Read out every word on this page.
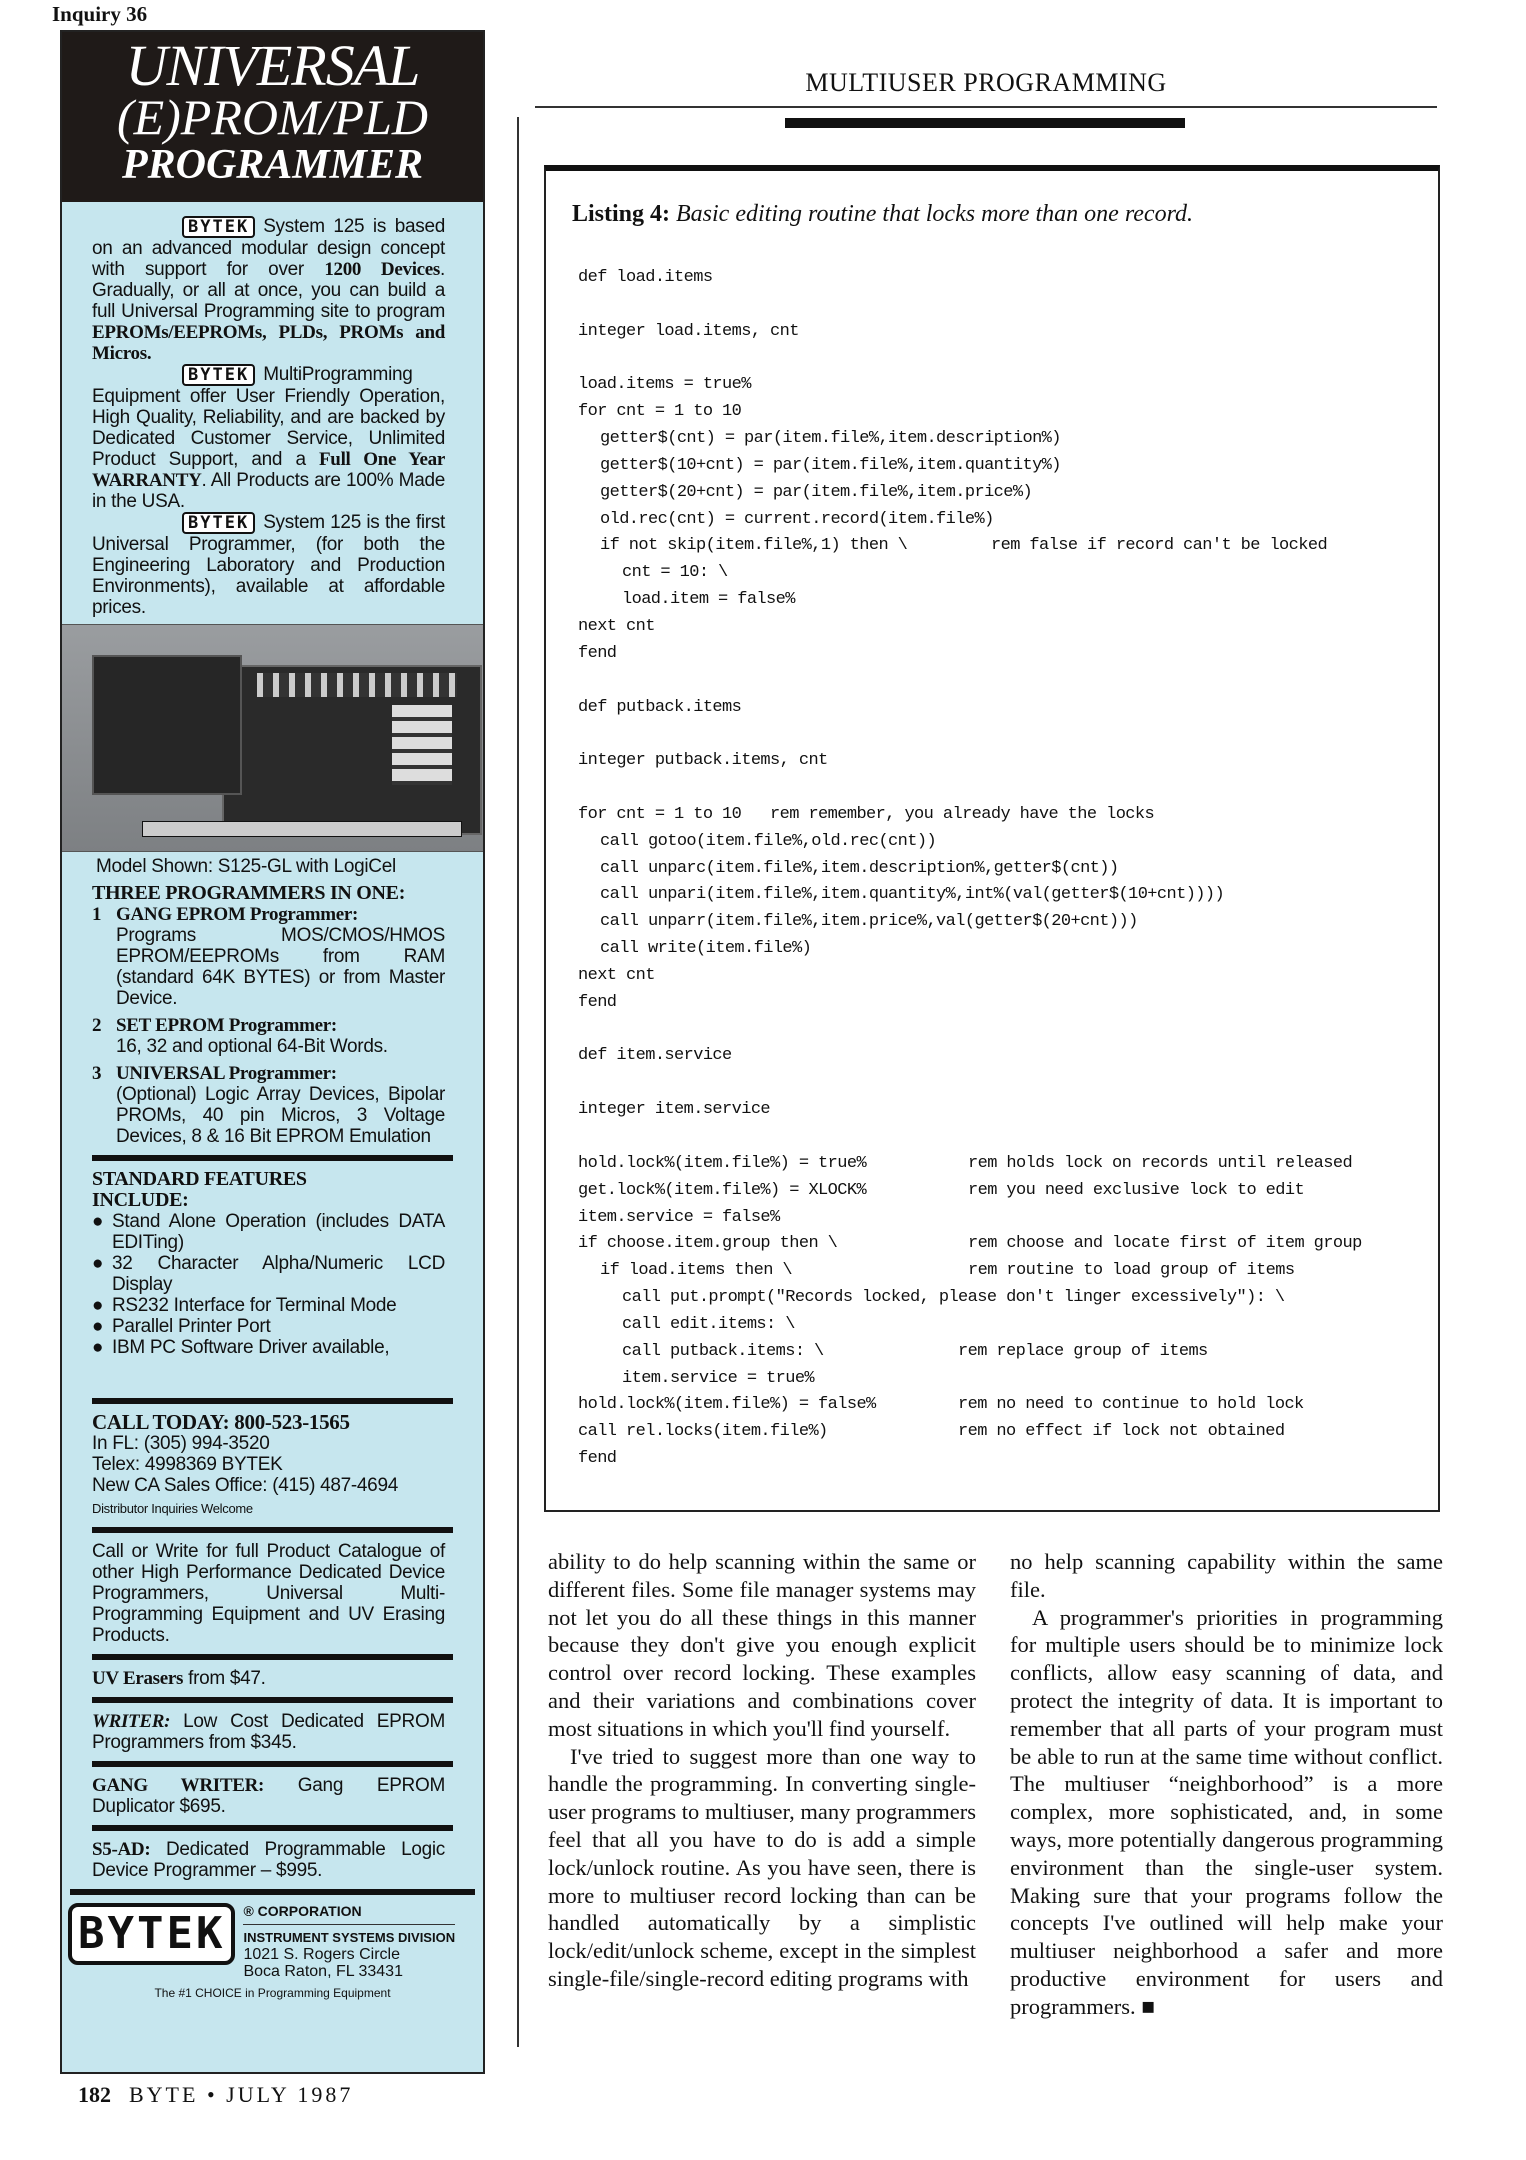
Inquiry 36
UNIVERSAL
(E)PROM/PLD
PROGRAMMER
BYTEK System 125 is based on an advanced modular design concept with support for over 1200 Devices. Gradually, or all at once, you can build a full Universal Programming site to program EPROMs/EEPROMs, PLDs, PROMs and Micros.
BYTEK MultiProgramming Equipment offer User Friendly Operation, High Quality, Reliability, and are backed by Dedicated Customer Service, Unlimited Product Support, and a Full One Year WARRANTY. All Products are 100% Made in the USA.
BYTEK System 125 is the first Universal Programmer, (for both the Engineering Laboratory and Production Environments), available at affordable prices.
Model Shown: S125-GL with LogiCel
THREE PROGRAMMERS IN ONE:
1 GANG EPROM Programmer:
Programs MOS/CMOS/HMOS EPROM/EEPROMs from RAM (standard 64K BYTES) or from Master Device.
2 SET EPROM Programmer:
16, 32 and optional 64-Bit Words.
3 UNIVERSAL Programmer:
(Optional) Logic Array Devices, Bipolar PROMs, 40 pin Micros, 3 Voltage Devices, 8 & 16 Bit EPROM Emulation
STANDARD FEATURES INCLUDE:
● Stand Alone Operation (includes DATA EDITing)
● 32 Character Alpha/Numeric LCD Display
● RS232 Interface for Terminal Mode
● Parallel Printer Port
● IBM PC Software Driver available,
CALL TODAY: 800-523-1565
In FL: (305) 994-3520
Telex: 4998369 BYTEK
New CA Sales Office: (415) 487-4694
Distributor Inquiries Welcome
Call or Write for full Product Catalogue of other High Performance Dedicated Device Programmers, Universal Multi-Programming Equipment and UV Erasing Products.
UV Erasers from $47.
WRITER: Low Cost Dedicated EPROM Programmers from $345.
GANG WRITER: Gang EPROM Duplicator $695.
S5-AD: Dedicated Programmable Logic Device Programmer – $995.
BYTEK	® CORPORATION
INSTRUMENT SYSTEMS DIVISION
1021 S. Rogers Circle
Boca Raton, FL 33431
The #1 CHOICE in Programming Equipment
MULTIUSER PROGRAMMING
Listing 4: Basic editing routine that locks more than one record.
def load.items
integer load.items, cnt
load.items = true%
for cnt = 1 to 10
getter$(cnt) = par(item.file%,item.description%)
getter$(10+cnt) = par(item.file%,item.quantity%)
getter$(20+cnt) = par(item.file%,item.price%)
old.rec(cnt) = current.record(item.file%)
if not skip(item.file%,1) then \	rem false if record can't be locked
cnt = 10: \
load.item = false%
next cnt
fend
def putback.items
integer putback.items, cnt
for cnt = 1 to 10   rem remember, you already have the locks
call gotoo(item.file%,old.rec(cnt))
call unparc(item.file%,item.description%,getter$(cnt))
call unpari(item.file%,item.quantity%,int%(val(getter$(10+cnt))))
call unparr(item.file%,item.price%,val(getter$(20+cnt)))
call write(item.file%)
next cnt
fend
def item.service
integer item.service
hold.lock%(item.file%) = true%	rem holds lock on records until released
get.lock%(item.file%) = XLOCK%	rem you need exclusive lock to edit
item.service = false%
if choose.item.group then \	rem choose and locate first of item group
if load.items then \	rem routine to load group of items
call put.prompt("Records locked, please don't linger excessively"): \
call edit.items: \
call putback.items: \	rem replace group of items
item.service = true%
hold.lock%(item.file%) = false%	rem no need to continue to hold lock
call rel.locks(item.file%)	rem no effect if lock not obtained
fend

ability to do help scanning within the same or different files. Some file manager systems may not let you do all these things in this manner because they don't give you enough explicit control over record locking. These examples and their variations and combinations cover most situations in which you'll find yourself.

I've tried to suggest more than one way to handle the programming. In converting single-user programs to multiuser, many programmers feel that all you have to do is add a simple lock/unlock routine. As you have seen, there is more to multiuser record locking than can be handled automatically by a simplistic lock/edit/unlock scheme, except in the simplest single-file/single-record editing programs with

no help scanning capability within the same file.

A programmer's priorities in programming for multiple users should be to minimize lock conflicts, allow easy scanning of data, and protect the integrity of data. It is important to remember that all parts of your program must be able to run at the same time without conflict. The multiuser “neighborhood” is a more complex, more sophisticated, and, in some ways, more potentially dangerous programming environment than the single-user system. Making sure that your programs follow the concepts I've outlined will help make your multiuser neighborhood a safer and more productive environment for users and programmers. ■

182 BYTE • JULY 1987
